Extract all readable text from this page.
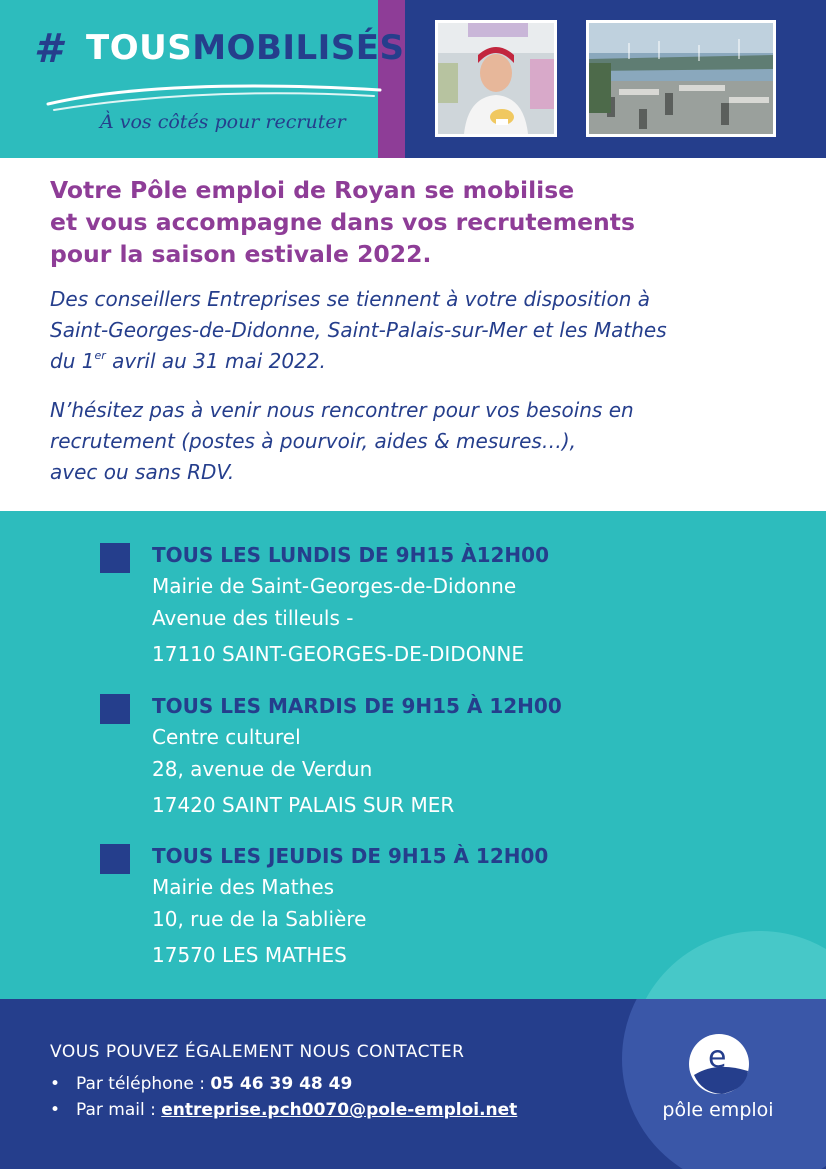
# TOUSMOBILISÉS
À vos côtés pour recruter
Votre Pôle emploi de Royan se mobilise
et vous accompagne dans vos recrutements
pour la saison estivale 2022.
Des conseillers Entreprises se tiennent à votre disposition à
Saint-Georges-de-Didonne, Saint-Palais-sur-Mer et les Mathes
du 1er avril au 31 mai 2022.
N’hésitez pas à venir nous rencontrer pour vos besoins en
recrutement (postes à pourvoir, aides & mesures…),
avec ou sans RDV.
TOUS LES LUNDIS DE 9H15 À12H00
Mairie de Saint-Georges-de-Didonne
Avenue des tilleuls -
17110 SAINT-GEORGES-DE-DIDONNE
TOUS LES MARDIS DE 9H15 À 12H00
Centre culturel
28, avenue de Verdun
17420 SAINT PALAIS SUR MER
TOUS LES JEUDIS DE 9H15 À 12H00
Mairie des Mathes
10, rue de la Sablière
17570 LES MATHES
VOUS POUVEZ ÉGALEMENT NOUS CONTACTER
• Par téléphone : 05 46 39 48 49
• Par mail : entreprise.pch0070@pole-emploi.net
e
pôle emploi
